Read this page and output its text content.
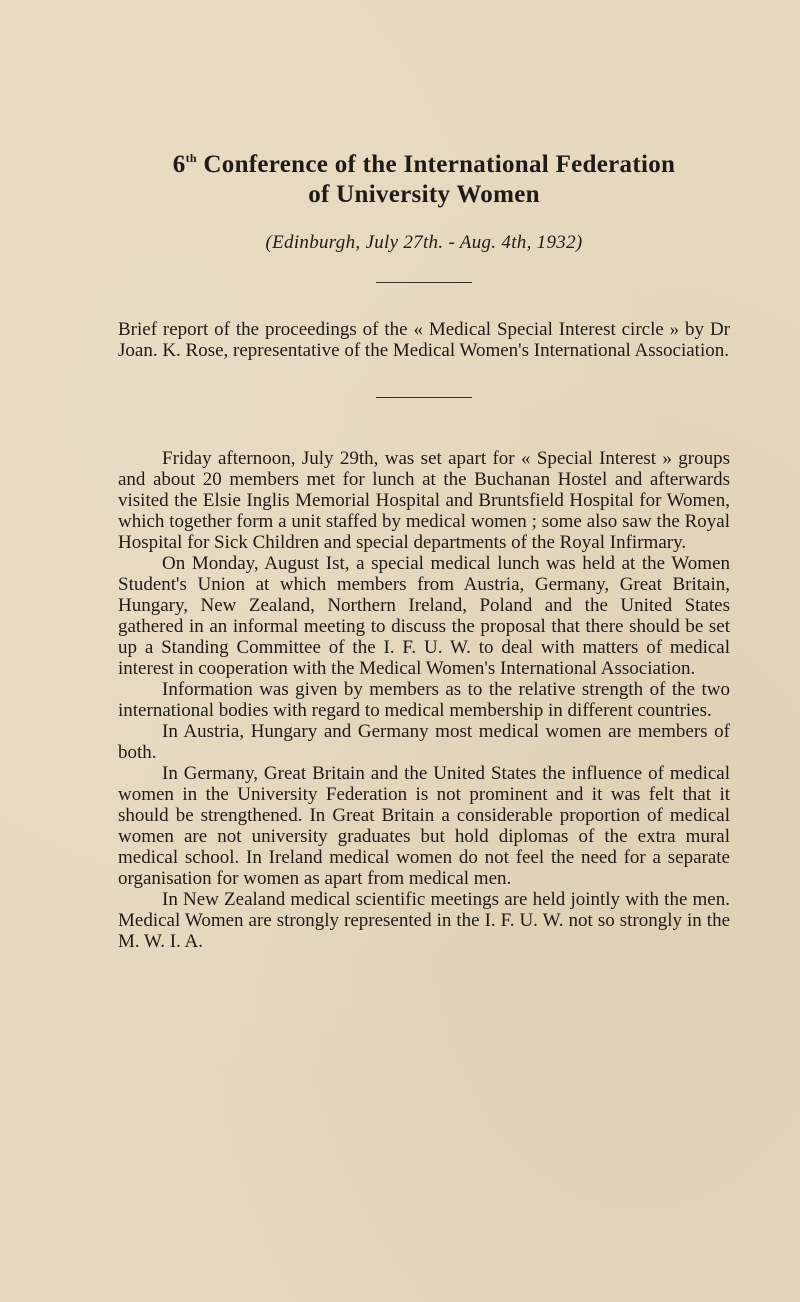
6th Conference of the International Federation
of University Women
(Edinburgh, July 27th. - Aug. 4th, 1932)
Brief report of the proceedings of the « Medical Special Interest circle » by Dr Joan. K. Rose, representative of the Medical Women's International Association.

Friday afternoon, July 29th, was set apart for « Special Interest » groups and about 20 members met for lunch at the Buchanan Hostel and afterwards visited the Elsie Inglis Memorial Hospital and Bruntsfield Hospital for Women, which together form a unit staffed by medical women ; some also saw the Royal Hospital for Sick Children and special departments of the Royal Infirmary.

On Monday, August Ist, a special medical lunch was held at the Women Student's Union at which members from Austria, Germany, Great Britain, Hungary, New Zealand, Northern Ireland, Poland and the United States gathered in an informal meeting to discuss the proposal that there should be set up a Standing Committee of the I. F. U. W. to deal with matters of medical interest in cooperation with the Medical Women's International Association.

Information was given by members as to the relative strength of the two international bodies with regard to medical membership in different countries.

In Austria, Hungary and Germany most medical women are members of both.

In Germany, Great Britain and the United States the influence of medical women in the University Federation is not prominent and it was felt that it should be strengthened. In Great Britain a considerable proportion of medical women are not university graduates but hold diplomas of the extra mural medical school. In Ireland medical women do not feel the need for a separate organisation for women as apart from medical men.

In New Zealand medical scientific meetings are held jointly with the men. Medical Women are strongly represented in the I. F. U. W. not so strongly in the M. W. I. A.
